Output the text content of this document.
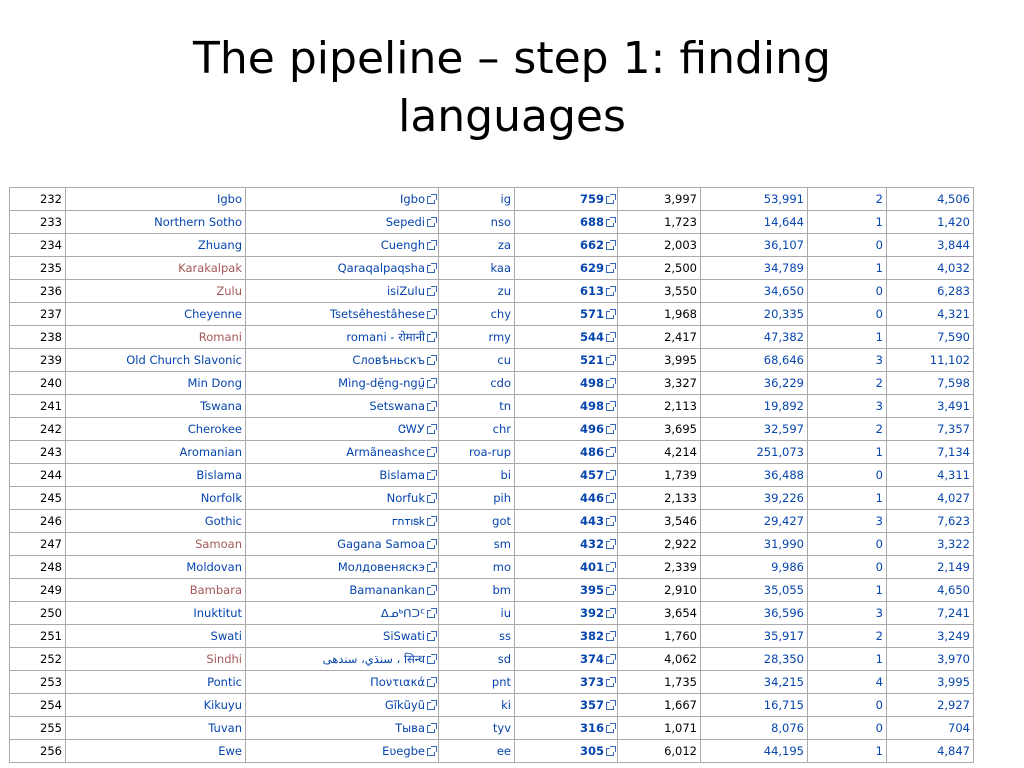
The pipeline – step 1: finding
languages
232	Igbo	Igbo	ig	759	3,997	53,991	2	4,506
233	Northern Sotho	Sepedi	nso	688	1,723	14,644	1	1,420
234	Zhuang	Cuengh	za	662	2,003	36,107	0	3,844
235	Karakalpak	Qaraqalpaqsha	kaa	629	2,500	34,789	1	4,032
236	Zulu	isiZulu	zu	613	3,550	34,650	0	6,283
237	Cheyenne	Tsetsêhestâhese	chy	571	1,968	20,335	0	4,321
238	Romani	romani - रोमानी	rmy	544	2,417	47,382	1	7,590
239	Old Church Slavonic	Словѣньскъ	cu	521	3,995	68,646	3	11,102
240	Min Dong	Mìng-dĕ̤ng-ngṳ̄	cdo	498	3,327	36,229	2	7,598
241	Tswana	Setswana	tn	498	2,113	19,892	3	3,491
242	Cherokee	ᏣᎳᎩ	chr	496	3,695	32,597	2	7,357
243	Aromanian	Armãneashce	roa-rup	486	4,214	251,073	1	7,134
244	Bislama	Bislama	bi	457	1,739	36,488	0	4,311
245	Norfolk	Norfuk	pih	446	2,133	39,226	1	4,027
246	Gothic	𐌲𐌿𐍄𐌹𐍃𐌺	got	443	3,546	29,427	3	7,623
247	Samoan	Gagana Samoa	sm	432	2,922	31,990	0	3,322
248	Moldovan	Молдовеняскэ	mo	401	2,339	9,986	0	2,149
249	Bambara	Bamanankan	bm	395	2,910	35,055	1	4,650
250	Inuktitut	ᐃᓄᒃᑎᑐᑦ	iu	392	3,654	36,596	3	7,241
251	Swati	SiSwati	ss	382	1,760	35,917	2	3,249
252	Sindhi	سنڌي، سندھی ، सिन्ध	sd	374	4,062	28,350	1	3,970
253	Pontic	Ποντιακά	pnt	373	1,735	34,215	4	3,995
254	Kikuyu	Gĩkũyũ	ki	357	1,667	16,715	0	2,927
255	Tuvan	Тыва	tyv	316	1,071	8,076	0	704
256	Ewe	Eʋegbe	ee	305	6,012	44,195	1	4,847
